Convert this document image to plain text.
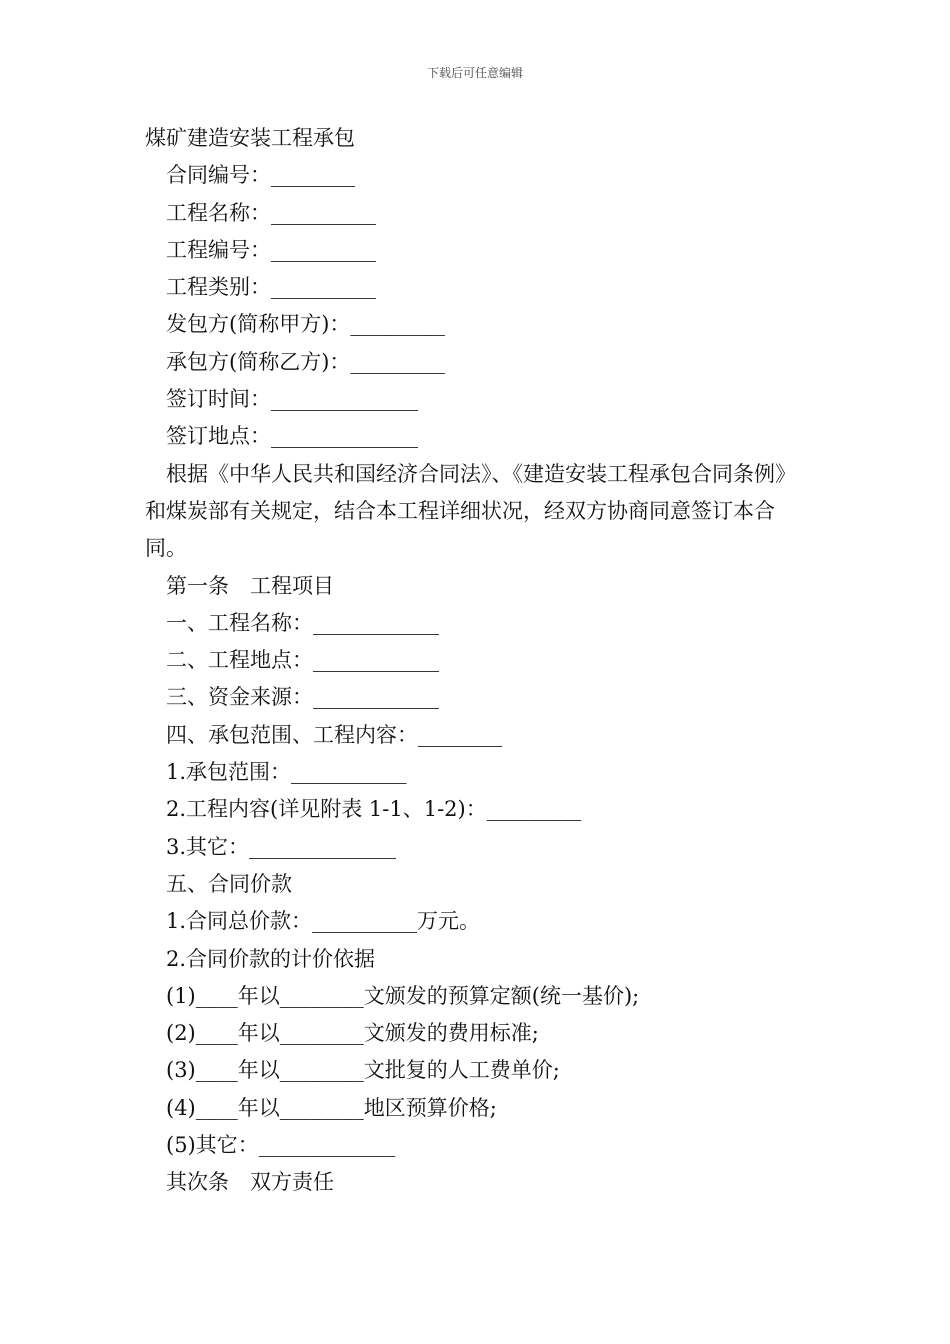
下载后可任意编辑
煤矿建造安装工程承包
合同编号：________
工程名称：__________
工程编号：__________
工程类别：__________
发包方(简称甲方)：_________
承包方(简称乙方)：_________
签订时间：______________
签订地点：______________
根据《中华人民共和国经济合同法》、《建造安装工程承包合同条例》和煤炭部有关规定，结合本工程详细状况，经双方协商同意签订本合同。
第一条　工程项目
一、工程名称：____________
二、工程地点：____________
三、资金来源：____________
四、承包范围、工程内容：________
1.承包范围：___________
2.工程内容(详见附表 1-1、1-2)：_________
3.其它：______________
五、合同价款
1.合同总价款：__________万元。
2.合同价款的计价依据
(1)____年以________文颁发的预算定额(统一基价);
(2)____年以________文颁发的费用标准;
(3)____年以________文批复的人工费单价;
(4)____年以________地区预算价格;
(5)其它：_____________
其次条　双方责任
